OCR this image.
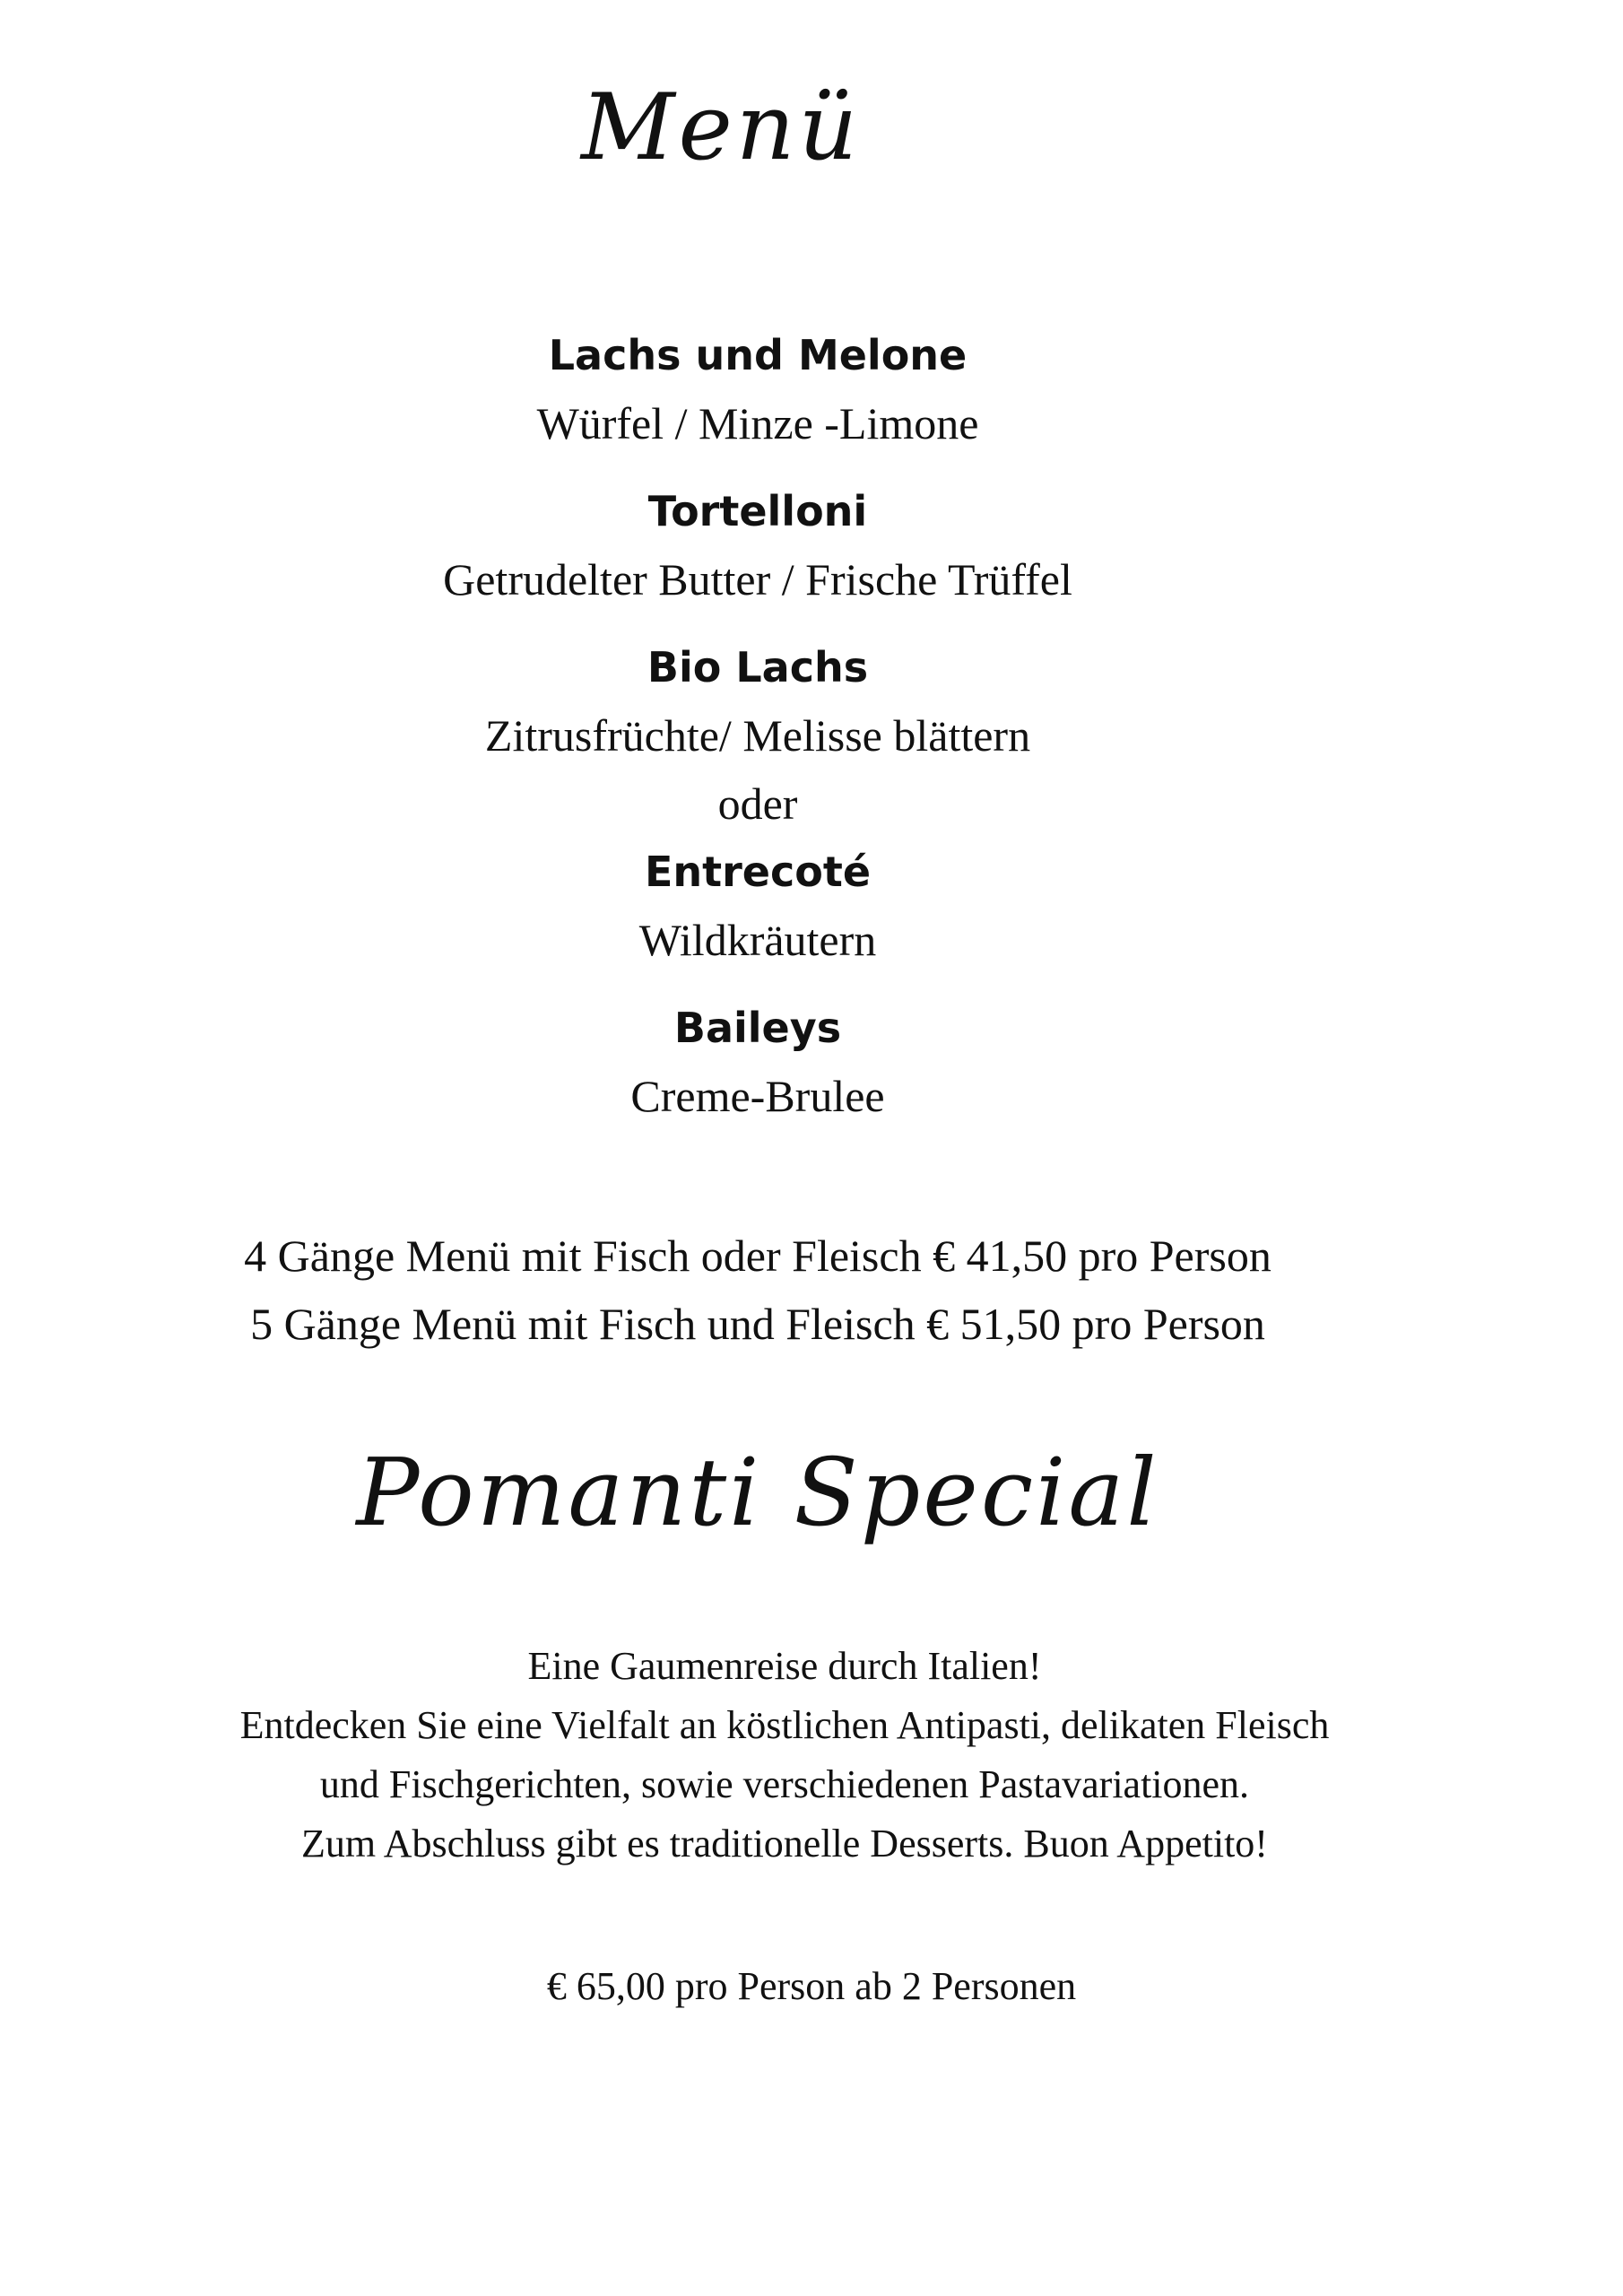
Menü
Lachs und Melone
Würfel / Minze -Limone
Tortelloni
Getrudelter Butter / Frische Trüffel
Bio Lachs
Zitrusfrüchte/ Melisse blättern
oder
Entrecoté
Wildkräutern
Baileys
Creme-Brulee
4 Gänge Menü mit Fisch oder Fleisch € 41,50 pro Person
5 Gänge Menü mit Fisch und Fleisch € 51,50 pro Person
Pomanti Special
Eine Gaumenreise durch Italien!
Entdecken Sie eine Vielfalt an köstlichen Antipasti, delikaten Fleisch
und Fischgerichten, sowie verschiedenen Pastavariationen.
Zum Abschluss gibt es traditionelle Desserts. Buon Appetito!
€ 65,00 pro Person ab 2 Personen
